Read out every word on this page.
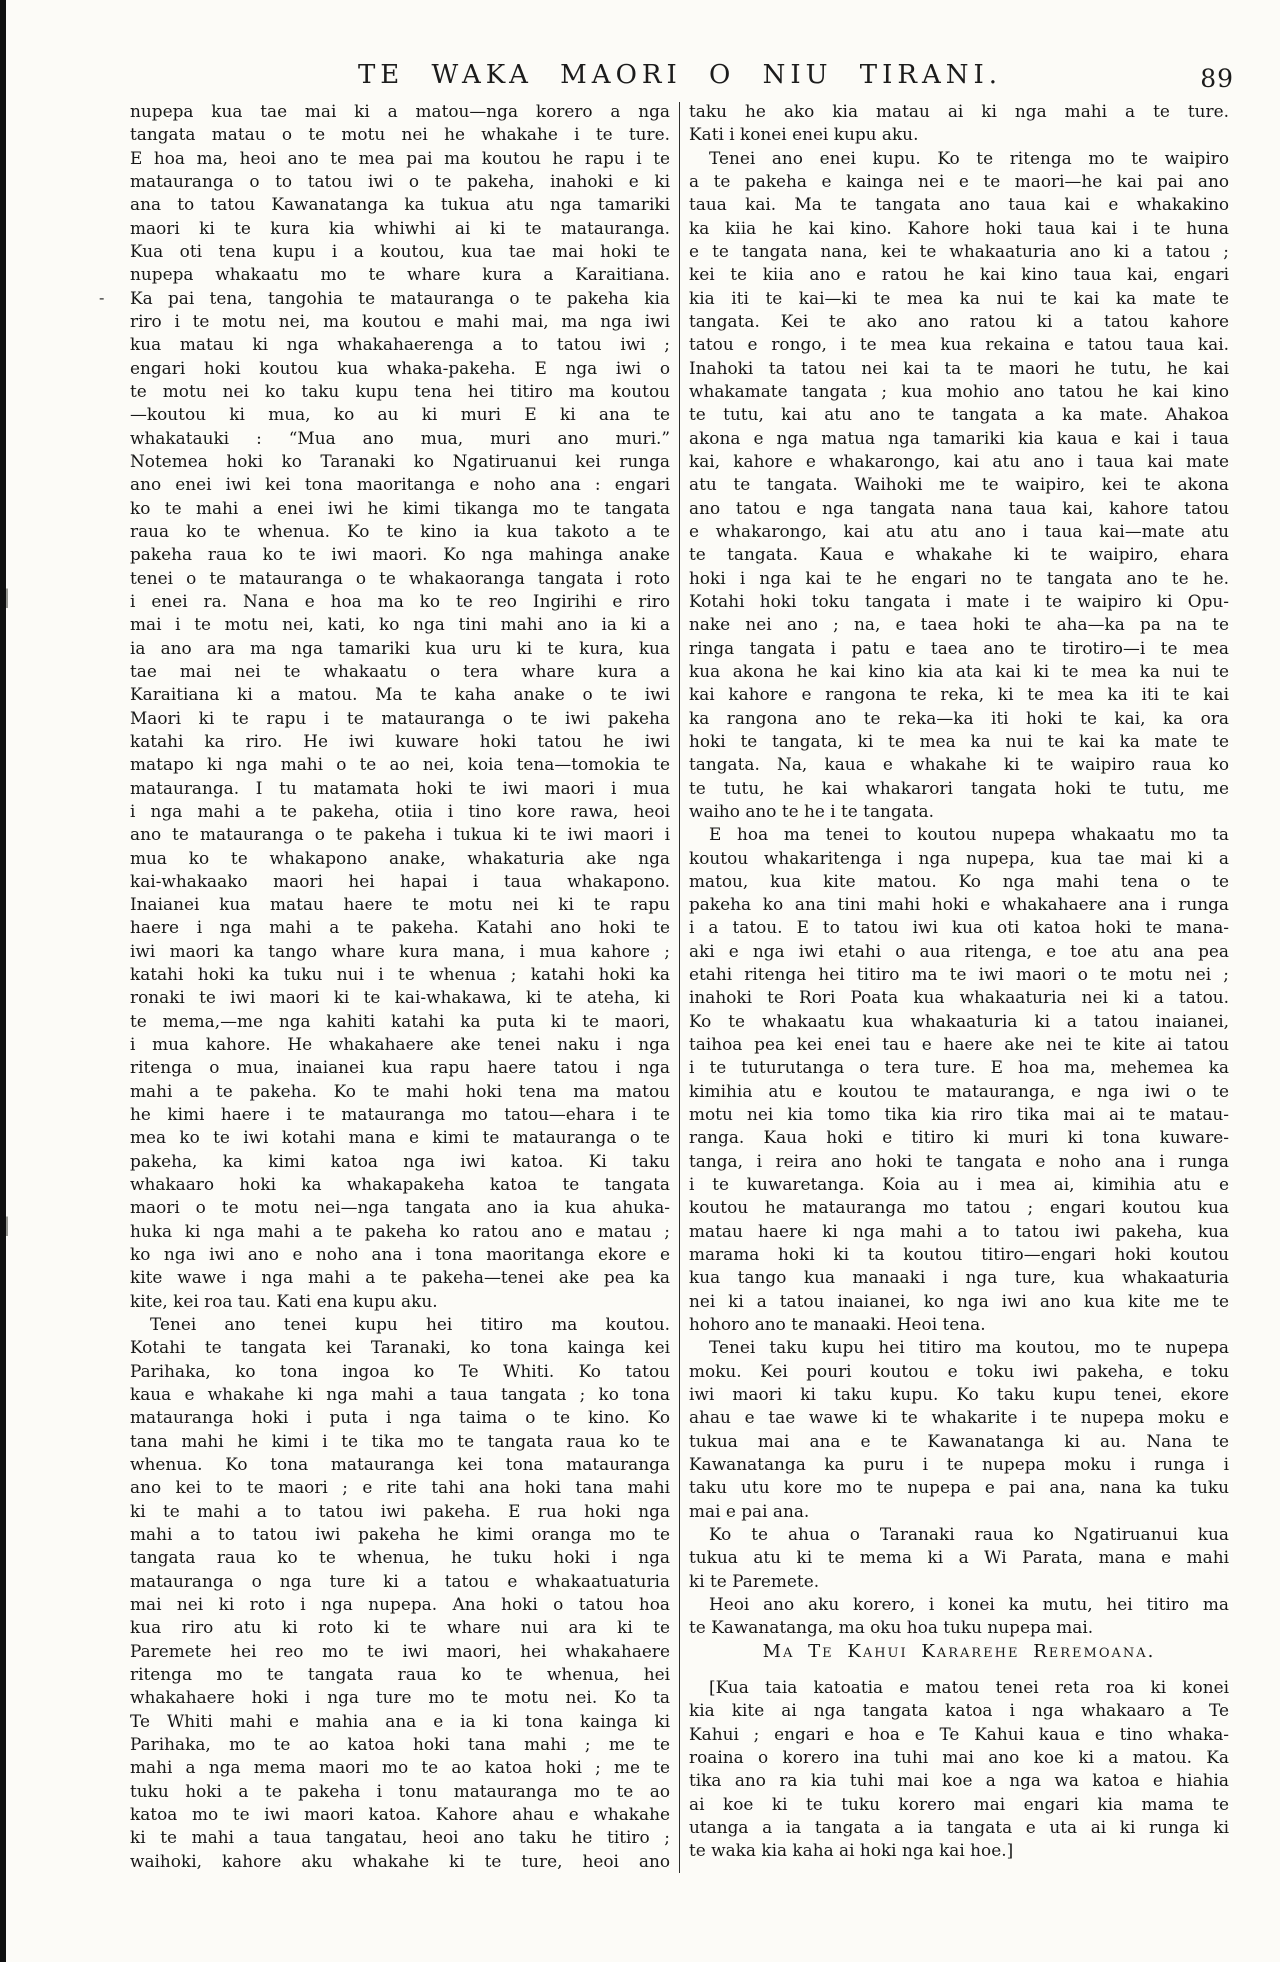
TE WAKA MAORI O NIU TIRANI.	89
nupepa kua tae mai ki a matou—nga korero a nga
tangata matau o te motu nei he whakahe i te ture.
E hoa ma, heoi ano te mea pai ma koutou he rapu i te
matauranga o to tatou iwi o te pakeha, inahoki e ki
ana to tatou Kawanatanga ka tukua atu nga tamariki
maori ki te kura kia whiwhi ai ki te matauranga.
Kua oti tena kupu i a koutou, kua tae mai hoki te
nupepa whakaatu mo te whare kura a Karaitiana.
Ka pai tena, tangohia te matauranga o te pakeha kia
riro i te motu nei, ma koutou e mahi mai, ma nga iwi
kua matau ki nga whakahaerenga a to tatou iwi ;
engari hoki koutou kua whaka-pakeha. E nga iwi o
te motu nei ko taku kupu tena hei titiro ma koutou
—koutou ki mua, ko au ki muri E ki ana te
whakatauki : “Mua ano mua, muri ano muri.”
Notemea hoki ko Taranaki ko Ngatiruanui kei runga
ano enei iwi kei tona maoritanga e noho ana : engari
ko te mahi a enei iwi he kimi tikanga mo te tangata
raua ko te whenua. Ko te kino ia kua takoto a te
pakeha raua ko te iwi maori. Ko nga mahinga anake
tenei o te matauranga o te whakaoranga tangata i roto
i enei ra. Nana e hoa ma ko te reo Ingirihi e riro
mai i te motu nei, kati, ko nga tini mahi ano ia ki a
ia ano ara ma nga tamariki kua uru ki te kura, kua
tae mai nei te whakaatu o tera whare kura a
Karaitiana ki a matou. Ma te kaha anake o te iwi
Maori ki te rapu i te matauranga o te iwi pakeha
katahi ka riro. He iwi kuware hoki tatou he iwi
matapo ki nga mahi o te ao nei, koia tena—tomokia te
matauranga. I tu matamata hoki te iwi maori i mua
i nga mahi a te pakeha, otiia i tino kore rawa, heoi
ano te matauranga o te pakeha i tukua ki te iwi maori i
mua ko te whakapono anake, whakaturia ake nga
kai-whakaako maori hei hapai i taua whakapono.
Inaianei kua matau haere te motu nei ki te rapu
haere i nga mahi a te pakeha. Katahi ano hoki te
iwi maori ka tango whare kura mana, i mua kahore ;
katahi hoki ka tuku nui i te whenua ; katahi hoki ka
ronaki te iwi maori ki te kai-whakawa, ki te ateha, ki
te mema,—me nga kahiti katahi ka puta ki te maori,
i mua kahore. He whakahaere ake tenei naku i nga
ritenga o mua, inaianei kua rapu haere tatou i nga
mahi a te pakeha. Ko te mahi hoki tena ma matou
he kimi haere i te matauranga mo tatou—ehara i te
mea ko te iwi kotahi mana e kimi te matauranga o te
pakeha, ka kimi katoa nga iwi katoa. Ki taku
whakaaro hoki ka whakapakeha katoa te tangata
maori o te motu nei—nga tangata ano ia kua ahuka-
huka ki nga mahi a te pakeha ko ratou ano e matau ;
ko nga iwi ano e noho ana i tona maoritanga ekore e
kite wawe i nga mahi a te pakeha—tenei ake pea ka
kite, kei roa tau. Kati ena kupu aku.
Tenei ano tenei kupu hei titiro ma koutou.
Kotahi te tangata kei Taranaki, ko tona kainga kei
Parihaka, ko tona ingoa ko Te Whiti. Ko tatou
kaua e whakahe ki nga mahi a taua tangata ; ko tona
matauranga hoki i puta i nga taima o te kino. Ko
tana mahi he kimi i te tika mo te tangata raua ko te
whenua. Ko tona matauranga kei tona matauranga
ano kei to te maori ; e rite tahi ana hoki tana mahi
ki te mahi a to tatou iwi pakeha. E rua hoki nga
mahi a to tatou iwi pakeha he kimi oranga mo te
tangata raua ko te whenua, he tuku hoki i nga
matauranga o nga ture ki a tatou e whakaatuaturia
mai nei ki roto i nga nupepa. Ana hoki o tatou hoa
kua riro atu ki roto ki te whare nui ara ki te
Paremete hei reo mo te iwi maori, hei whakahaere
ritenga mo te tangata raua ko te whenua, hei
whakahaere hoki i nga ture mo te motu nei. Ko ta
Te Whiti mahi e mahia ana e ia ki tona kainga ki
Parihaka, mo te ao katoa hoki tana mahi ; me te
mahi a nga mema maori mo te ao katoa hoki ; me te
tuku hoki a te pakeha i tonu matauranga mo te ao
katoa mo te iwi maori katoa. Kahore ahau e whakahe
ki te mahi a taua tangatau, heoi ano taku he titiro ;
waihoki, kahore aku whakahe ki te ture, heoi ano
taku he ako kia matau ai ki nga mahi a te ture.
Kati i konei enei kupu aku.
Tenei ano enei kupu. Ko te ritenga mo te waipiro
a te pakeha e kainga nei e te maori—he kai pai ano
taua kai. Ma te tangata ano taua kai e whakakino
ka kiia he kai kino. Kahore hoki taua kai i te huna
e te tangata nana, kei te whakaaturia ano ki a tatou ;
kei te kiia ano e ratou he kai kino taua kai, engari
kia iti te kai—ki te mea ka nui te kai ka mate te
tangata. Kei te ako ano ratou ki a tatou kahore
tatou e rongo, i te mea kua rekaina e tatou taua kai.
Inahoki ta tatou nei kai ta te maori he tutu, he kai
whakamate tangata ; kua mohio ano tatou he kai kino
te tutu, kai atu ano te tangata a ka mate. Ahakoa
akona e nga matua nga tamariki kia kaua e kai i taua
kai, kahore e whakarongo, kai atu ano i taua kai mate
atu te tangata. Waihoki me te waipiro, kei te akona
ano tatou e nga tangata nana taua kai, kahore tatou
e whakarongo, kai atu atu ano i taua kai—mate atu
te tangata. Kaua e whakahe ki te waipiro, ehara
hoki i nga kai te he engari no te tangata ano te he.
Kotahi hoki toku tangata i mate i te waipiro ki Opu-
nake nei ano ; na, e taea hoki te aha—ka pa na te
ringa tangata i patu e taea ano te tirotiro—i te mea
kua akona he kai kino kia ata kai ki te mea ka nui te
kai kahore e rangona te reka, ki te mea ka iti te kai
ka rangona ano te reka—ka iti hoki te kai, ka ora
hoki te tangata, ki te mea ka nui te kai ka mate te
tangata. Na, kaua e whakahe ki te waipiro raua ko
te tutu, he kai whakarori tangata hoki te tutu, me
waiho ano te he i te tangata.
E hoa ma tenei to koutou nupepa whakaatu mo ta
koutou whakaritenga i nga nupepa, kua tae mai ki a
matou, kua kite matou. Ko nga mahi tena o te
pakeha ko ana tini mahi hoki e whakahaere ana i runga
i a tatou. E to tatou iwi kua oti katoa hoki te mana-
aki e nga iwi etahi o aua ritenga, e toe atu ana pea
etahi ritenga hei titiro ma te iwi maori o te motu nei ;
inahoki te Rori Poata kua whakaaturia nei ki a tatou.
Ko te whakaatu kua whakaaturia ki a tatou inaianei,
taihoa pea kei enei tau e haere ake nei te kite ai tatou
i te tuturutanga o tera ture. E hoa ma, mehemea ka
kimihia atu e koutou te matauranga, e nga iwi o te
motu nei kia tomo tika kia riro tika mai ai te matau-
ranga. Kaua hoki e titiro ki muri ki tona kuware-
tanga, i reira ano hoki te tangata e noho ana i runga
i te kuwaretanga. Koia au i mea ai, kimihia atu e
koutou he matauranga mo tatou ; engari koutou kua
matau haere ki nga mahi a to tatou iwi pakeha, kua
marama hoki ki ta koutou titiro—engari hoki koutou
kua tango kua manaaki i nga ture, kua whakaaturia
nei ki a tatou inaianei, ko nga iwi ano kua kite me te
hohoro ano te manaaki. Heoi tena.
Tenei taku kupu hei titiro ma koutou, mo te nupepa
moku. Kei pouri koutou e toku iwi pakeha, e toku
iwi maori ki taku kupu. Ko taku kupu tenei, ekore
ahau e tae wawe ki te whakarite i te nupepa moku e
tukua mai ana e te Kawanatanga ki au. Nana te
Kawanatanga ka puru i te nupepa moku i runga i
taku utu kore mo te nupepa e pai ana, nana ka tuku
mai e pai ana.
Ko te ahua o Taranaki raua ko Ngatiruanui kua
tukua atu ki te mema ki a Wi Parata, mana e mahi
ki te Paremete.
Heoi ano aku korero, i konei ka mutu, hei titiro ma
te Kawanatanga, ma oku hoa tuku nupepa mai.
Ma Te Kahui Kararehe Reremoana.
[Kua taia katoatia e matou tenei reta roa ki konei
kia kite ai nga tangata katoa i nga whakaaro a Te
Kahui ; engari e hoa e Te Kahui kaua e tino whaka-
roaina o korero ina tuhi mai ano koe ki a matou. Ka
tika ano ra kia tuhi mai koe a nga wa katoa e hiahia
ai koe ki te tuku korero mai engari kia mama te
utanga a ia tangata a ia tangata e uta ai ki runga ki
te waka kia kaha ai hoki nga kai hoe.]
-
